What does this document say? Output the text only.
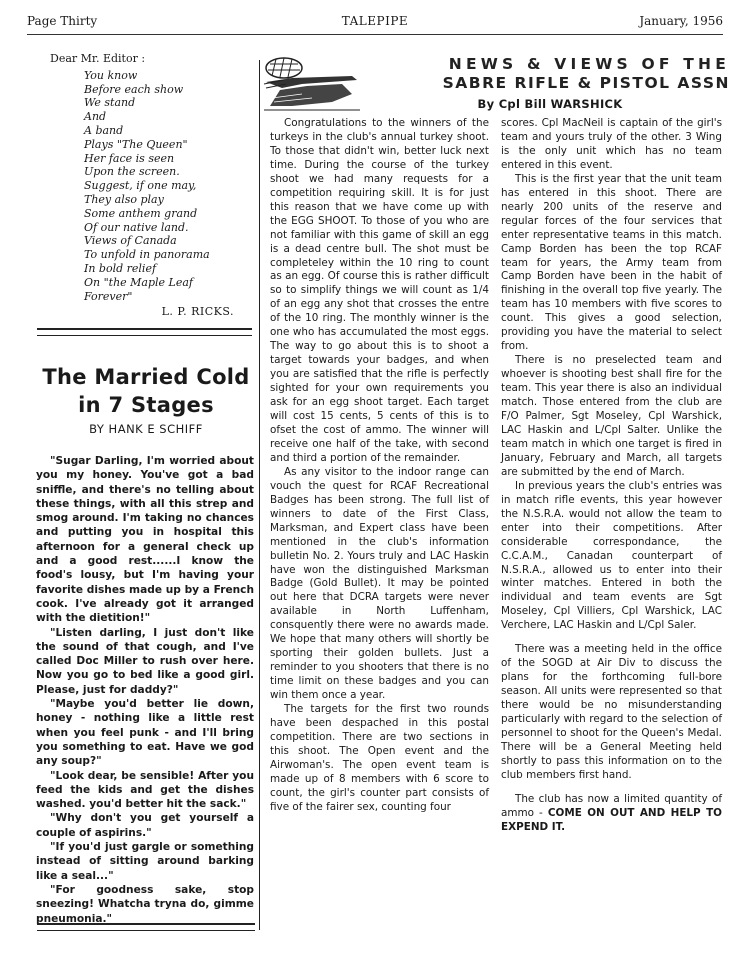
Page Thirty	TALEPIPE	January, 1956
Dear Mr. Editor :
You know
Before each show
We stand
And
A band
Plays "The Queen"
Her face is seen
Upon the screen.
Suggest, if one may,
They also play
Some anthem grand
Of our native land.
Views of Canada
To unfold in panorama
In bold relief
On "the Maple Leaf
Forever"
L. P. RICKS.
The Married Cold
in 7 Stages
BY HANK E SCHIFF

"Sugar Darling, I'm worried about you my honey. You've got a bad sniffle, and there's no telling about these things, with all this strep and smog around. I'm taking no chances and putting you in hospital this afternoon for a general check up and a good rest......I know the food's lousy, but I'm having your favorite dishes made up by a French cook. I've already got it arranged with the dietition!"

"Listen darling, I just don't like the sound of that cough, and I've called Doc Miller to rush over here. Now you go to bed like a good girl. Please, just for daddy?"

"Maybe you'd better lie down, honey - nothing like a little rest when you feel punk - and I'll bring you something to eat. Have we god any soup?"

"Look dear, be sensible! After you feed the kids and get the dishes washed. you'd better hit the sack."

"Why don't you get yourself a couple of aspirins."

"If you'd just gargle or something instead of sitting around barking like a seal..."

"For goodness sake, stop sneezing! Whatcha tryna do, gimme pneumonia."

NEWS & VIEWS OF THE
SABRE RIFLE & PISTOL ASSN
By Cpl Bill WARSHICK

Congratulations to the winners of the turkeys in the club's annual turkey shoot. To those that didn't win, better luck next time. During the course of the turkey shoot we had many requests for a competition requiring skill. It is for just this reason that we have come up with the EGG SHOOT. To those of you who are not familiar with this game of skill an egg is a dead centre bull. The shot must be completeley within the 10 ring to count as an egg. Of course this is rather difficult so to simplify things we will count as 1/4 of an egg any shot that crosses the entre of the 10 ring. The monthly winner is the one who has accumulated the most eggs. The way to go about this is to shoot a target towards your badges, and when you are satisfied that the rifle is perfectly sighted for your own requirements you ask for an egg shoot target. Each target will cost 15 cents, 5 cents of this is to ofset the cost of ammo. The winner will receive one half of the take, with second and third a portion of the remainder.

As any visitor to the indoor range can vouch the quest for RCAF Recreational Badges has been strong. The full list of winners to date of the First Class, Marksman, and Expert class have been mentioned in the club's information bulletin No. 2. Yours truly and LAC Haskin have won the distinguished Marksman Badge (Gold Bullet). It may be pointed out here that DCRA targets were never available in North Luffenham, consquently there were no awards made. We hope that many others will shortly be sporting their golden bullets. Just a reminder to you shooters that there is no time limit on these badges and you can win them once a year.

The targets for the first two rounds have been despached in this postal competition. There are two sections in this shoot. The Open event and the Airwoman's. The open event team is made up of 8 members with 6 score to count, the girl's counter part consists of five of the fairer sex, counting four

scores. Cpl MacNeil is captain of the girl's team and yours truly of the other. 3 Wing is the only unit which has no team entered in this event.

This is the first year that the unit team has entered in this shoot. There are nearly 200 units of the reserve and regular forces of the four services that enter representative teams in this match. Camp Borden has been the top RCAF team for years, the Army team from Camp Borden have been in the habit of finishing in the overall top five yearly. The team has 10 members with five scores to count. This gives a good selection, providing you have the material to select from.

There is no preselected team and whoever is shooting best shall fire for the team. This year there is also an individual match. Those entered from the club are F/O Palmer, Sgt Moseley, Cpl Warshick, LAC Haskin and L/Cpl Salter. Unlike the team match in which one target is fired in January, February and March, all targets are submitted by the end of March.

In previous years the club's entries was in match rifle events, this year however the N.S.R.A. would not allow the team to enter into their competitions. After considerable correspondance, the C.C.A.M., Canadan counterpart of N.S.R.A., allowed us to enter into their winter matches. Entered in both the individual and team events are Sgt Moseley, Cpl Villiers, Cpl Warshick, LAC Verchere, LAC Haskin and L/Cpl Saler.

There was a meeting held in the office of the SOGD at Air Div to discuss the plans for the forthcoming full-bore season. All units were represented so that there would be no misunderstanding particularly with regard to the selection of personnel to shoot for the Queen's Medal. There will be a General Meeting held shortly to pass this information on to the club members first hand.

The club has now a limited quantity of ammo - COME ON OUT AND HELP TO EXPEND IT.
